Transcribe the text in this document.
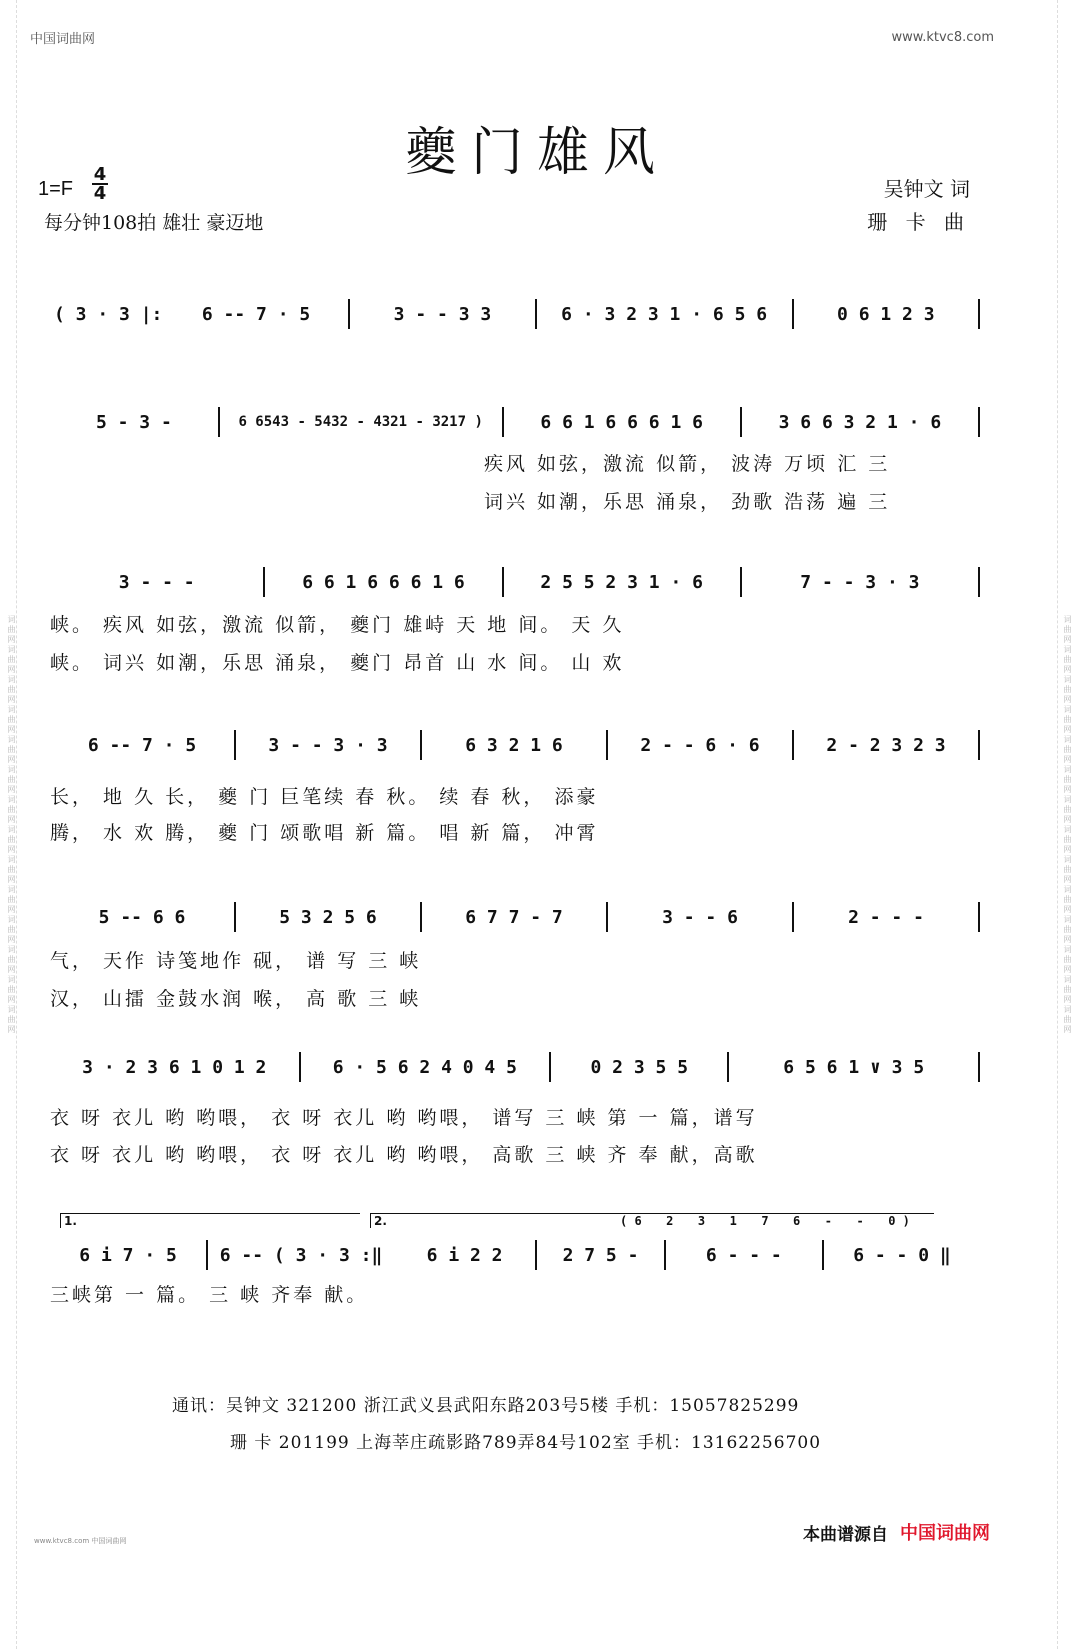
词曲网词曲网词曲网词曲网词曲网词曲网词曲网词曲网词曲网词曲网词曲网词曲网词曲网词曲网	词曲网词曲网词曲网词曲网词曲网词曲网词曲网词曲网词曲网词曲网词曲网词曲网词曲网词曲网
中国词曲网	www.ktvc8.com
夔门雄风
1=F
4
4
每分钟108拍 雄壮 豪迈地
吴钟文 词
珊 卡 曲
( 3 · 3 |:	6 -- 7 · 5	3 - - 3 3	6 · 3 2 3 1 · 6 5 6	0 6 1 2 3
5 - 3 -	6 6543 - 5432 - 4321 - 3217 )	6 6 1 6 6 6 1 6	3 6 6 3 2 1 · 6
疾风 如弦，激流 似箭， 波涛 万顷 汇 三
词兴 如潮，乐思 涌泉， 劲歌 浩荡 遍 三
3 - - -	6 6 1 6 6 6 1 6	2 5 5 2 3 1 · 6	7 - - 3 · 3
峡。 疾风 如弦，激流 似箭， 夔门 雄峙 天 地 间。 天 久
峡。 词兴 如潮，乐思 涌泉， 夔门 昂首 山 水 间。 山 欢
6 -- 7 · 5	3 - - 3 · 3	6 3 2 1 6	2 - - 6 · 6	2 - 2 3 2 3
长， 地 久 长， 夔 门 巨笔续 春 秋。 续 春 秋， 添豪
腾， 水 欢 腾， 夔 门 颂歌唱 新 篇。 唱 新 篇， 冲霄
5 -- 6 6	5 3 2 5 6	6 7 7 - 7	3 - - 6	2 - - -
气， 天作 诗笺地作 砚， 谱 写 三 峡
汉， 山擂 金鼓水润 喉， 高 歌 三 峡
3 · 2 3 6 1 0 1 2	6 · 5 6 2 4 0 4 5	0 2 3 5 5	6 5 6 1 ∨ 3 5
衣 呀 衣儿 哟 哟喂， 衣 呀 衣儿 哟 哟喂， 谱写 三 峡 第 一 篇，谱写
衣 呀 衣儿 哟 哟喂， 衣 呀 衣儿 哟 哟喂， 高歌 三 峡 齐 奉 献，高歌
1.	2.	( 6 2 3 1 7 6 - - 0 )
6 i 7 · 5	6 -- ( 3 · 3 :‖	6 i 2 2	2 7 5 -	6 - - -	6 - - 0 ‖
三峡第 一 篇。 三 峡 齐奉 献。
通讯：吴钟文 321200 浙江武义县武阳东路203号5楼 手机：15057825299
珊 卡 201199 上海莘庄疏影路789弄84号102室 手机：13162256700
本曲谱源自 中国词曲网
www.ktvc8.com 中国词曲网
